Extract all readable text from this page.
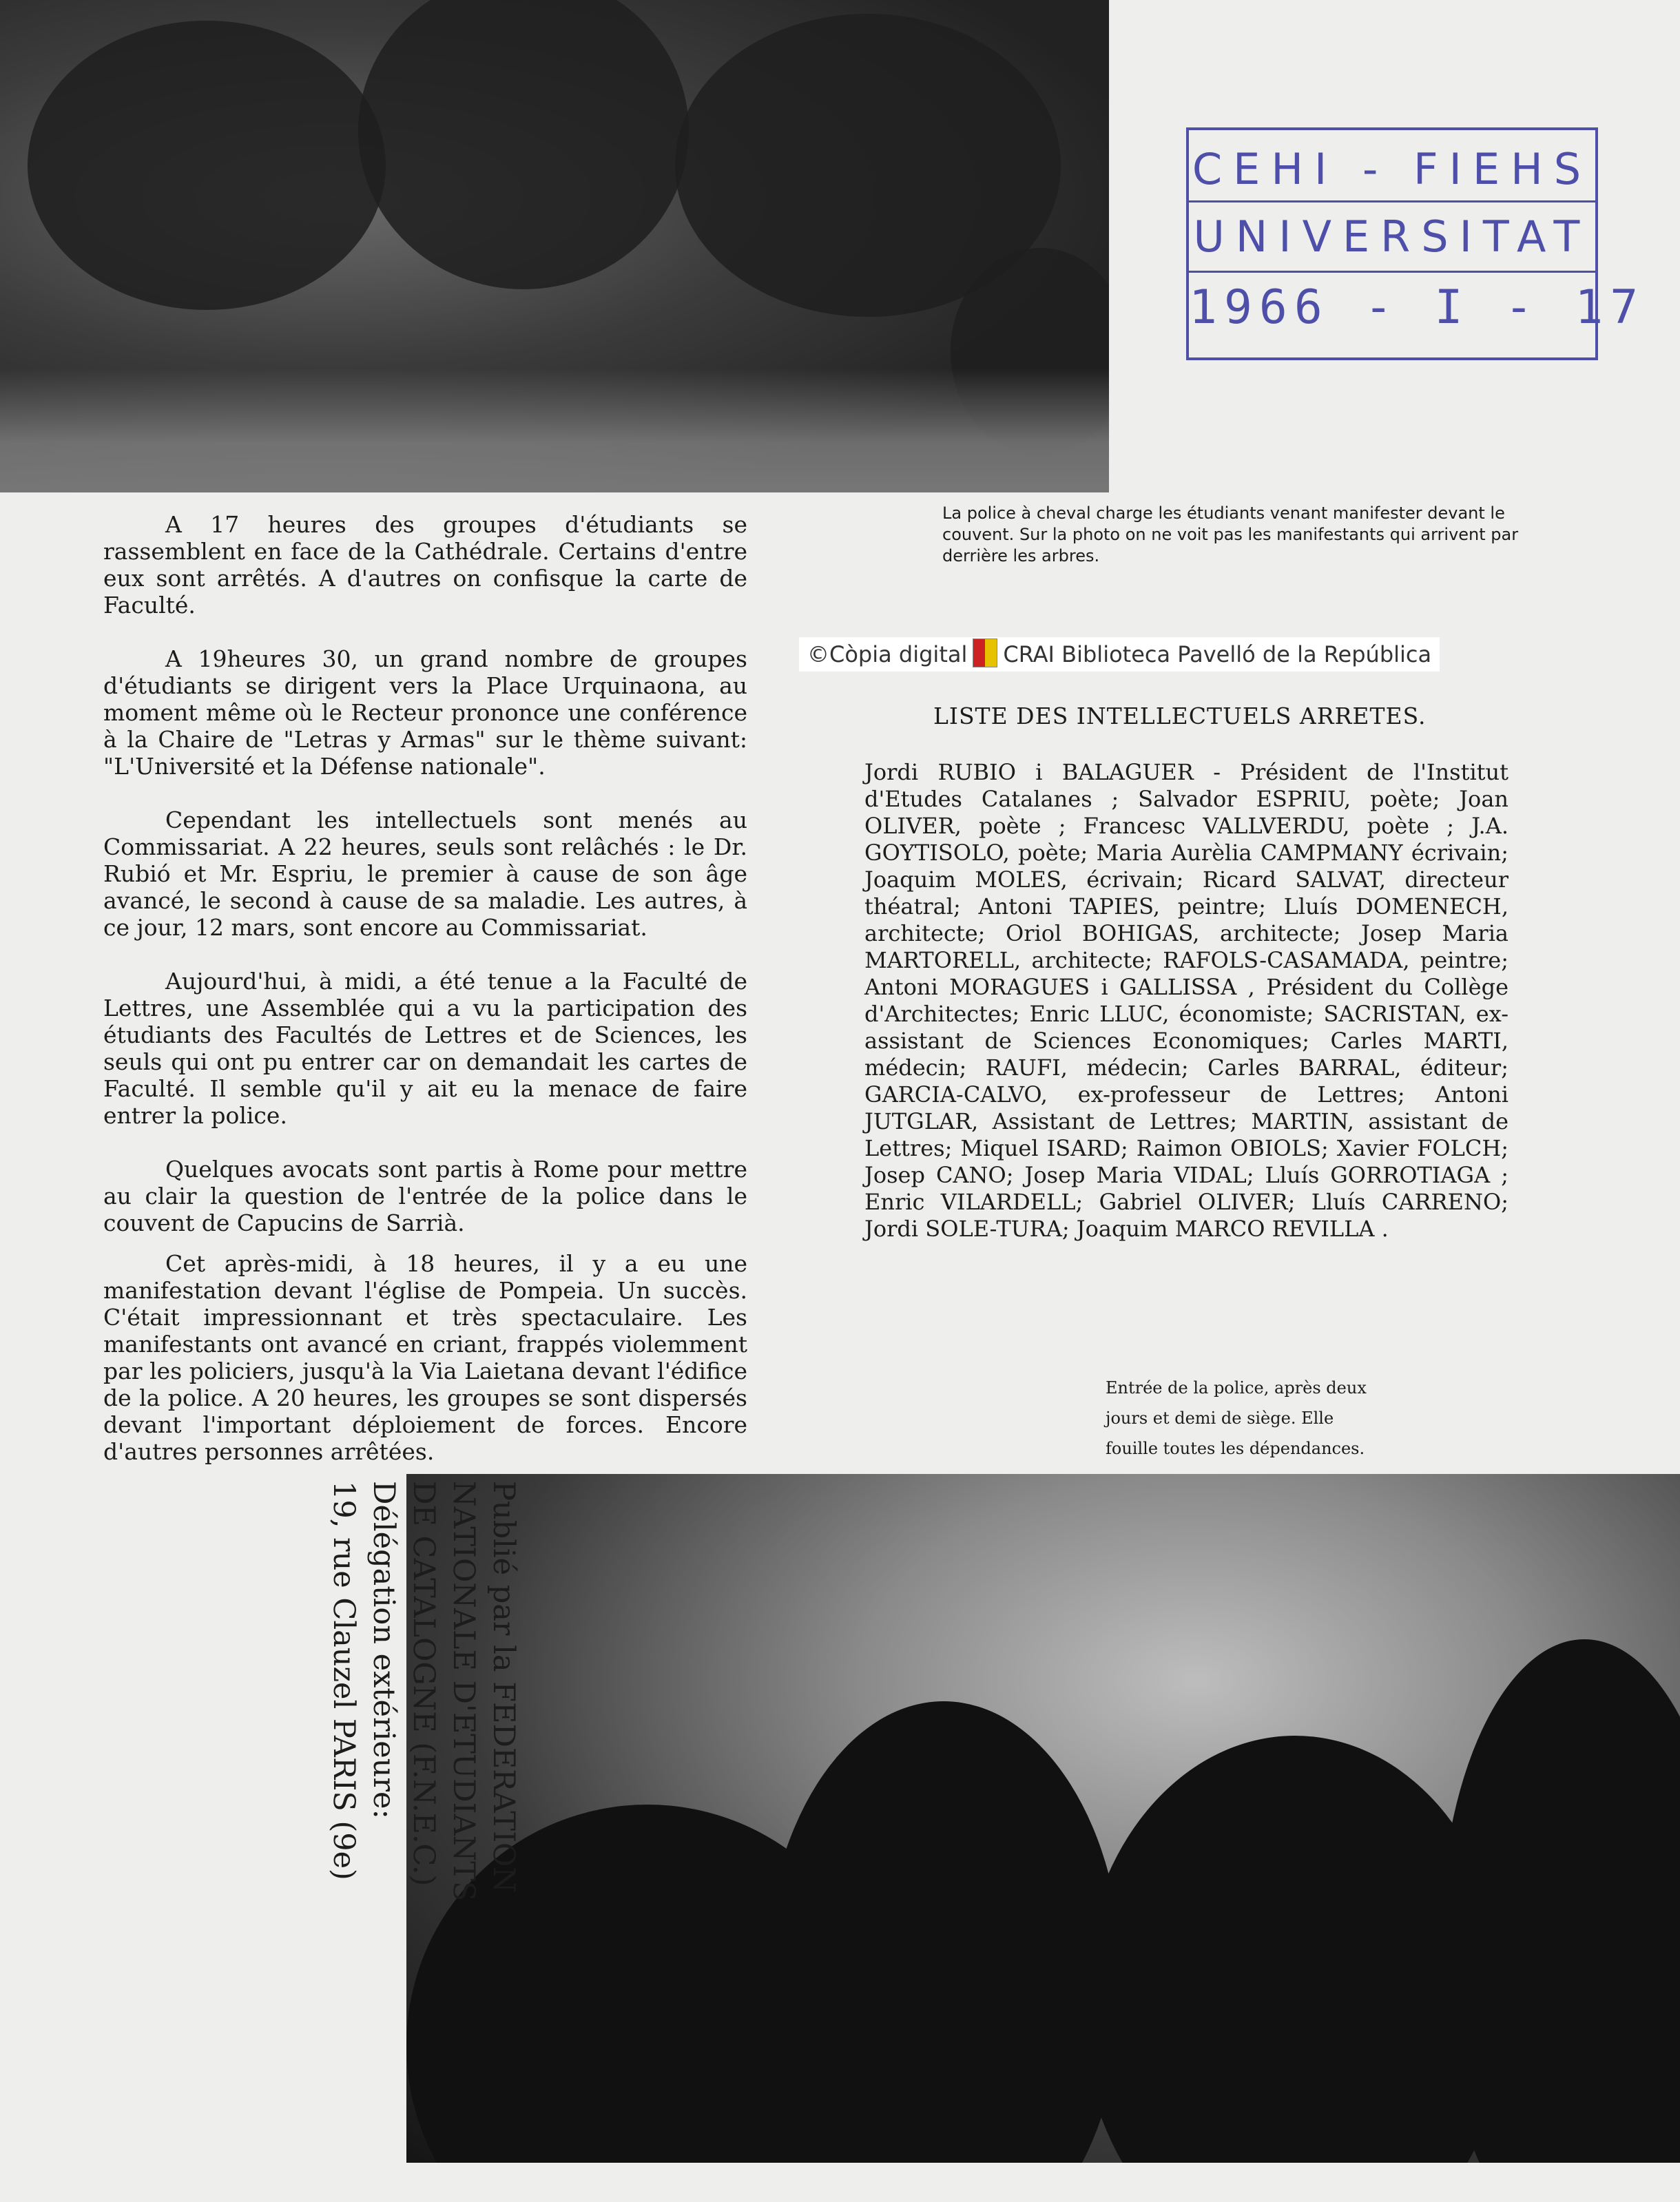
CEHI - FIEHS
UNIVERSITAT
1966 - I - 17

A 17 heures des groupes d'étudiants se rassemblent en face de la Cathédrale. Certains d'entre eux sont arrêtés. A d'autres on confisque la carte de Faculté.

A 19heures 30, un grand nombre de groupes d'étudiants se dirigent vers la Place Urquinaona, au moment même où le Recteur prononce une conférence à la Chaire de "Letras y Armas" sur le thème suivant: "L'Université et la Défense nationale".

Cependant les intellectuels sont menés au Commissariat. A 22 heures, seuls sont relâchés : le Dr. Rubió et Mr. Espriu, le premier à cause de son âge avancé, le second à cause de sa maladie. Les autres, à ce jour, 12 mars, sont encore au Commissariat.

Aujourd'hui, à midi, a été tenue a la Faculté de Lettres, une Assemblée qui a vu la participation des étudiants des Facultés de Lettres et de Sciences, les seuls qui ont pu entrer car on demandait les cartes de Faculté. Il semble qu'il y ait eu la menace de faire entrer la police.

Quelques avocats sont partis à Rome pour mettre au clair la question de l'entrée de la police dans le couvent de Capucins de Sarrià.

Cet après-midi, à 18 heures, il y a eu une manifestation devant l'église de Pompeia. Un succès. C'était impressionnant et très spectaculaire. Les manifestants ont avancé en criant, frappés violemment par les policiers, jusqu'à la Via Laietana devant l'édifice de la police. A 20 heures, les groupes se sont dispersés devant l'important déploiement de forces. Encore d'autres personnes arrêtées.

La police à cheval charge les étudiants venant manifester devant le couvent. Sur la photo on ne voit pas les manifestants qui arrivent par derrière les arbres.
©Còpia digital CRAI Biblioteca Pavelló de la República
LISTE DES INTELLECTUELS ARRETES.
Jordi RUBIO i BALAGUER - Président de l'Institut d'Etudes Catalanes ; Salvador ESPRIU, poète; Joan OLIVER, poète ; Francesc VALLVERDU, poète ; J.A. GOYTISOLO, poète; Maria Aurèlia CAMPMANY écrivain; Joaquim MOLES, écrivain; Ricard SALVAT, directeur théatral; Antoni TAPIES, peintre; Lluís DOMENECH, architecte; Oriol BOHIGAS, architecte; Josep Maria MARTORELL, architecte; RAFOLS-CASAMADA, peintre; Antoni MORAGUES i GALLISSA , Président du Collège d'Architectes; Enric LLUC, économiste; SACRISTAN, ex-assistant de Sciences Economiques; Carles MARTI, médecin; RAUFI, médecin; Carles BARRAL, éditeur; GARCIA-CALVO, ex-professeur de Lettres; Antoni JUTGLAR, Assistant de Lettres; MARTIN, assistant de Lettres; Miquel ISARD; Raimon OBIOLS; Xavier FOLCH; Josep CANO; Josep Maria VIDAL; Lluís GORROTIAGA ; Enric VILARDELL; Gabriel OLIVER; Lluís CARRENO; Jordi SOLE-TURA; Joaquim MARCO REVILLA .
Entrée de la police, après deux
jours et demi de siège. Elle
fouille toutes les dépendances.
Publié par la FEDERATION
NATIONALE D'ETUDIANTS
DE CATALOGNE (F.N.E.C.)
Délégation extérieure:
19, rue Clauzel PARIS (9e)
